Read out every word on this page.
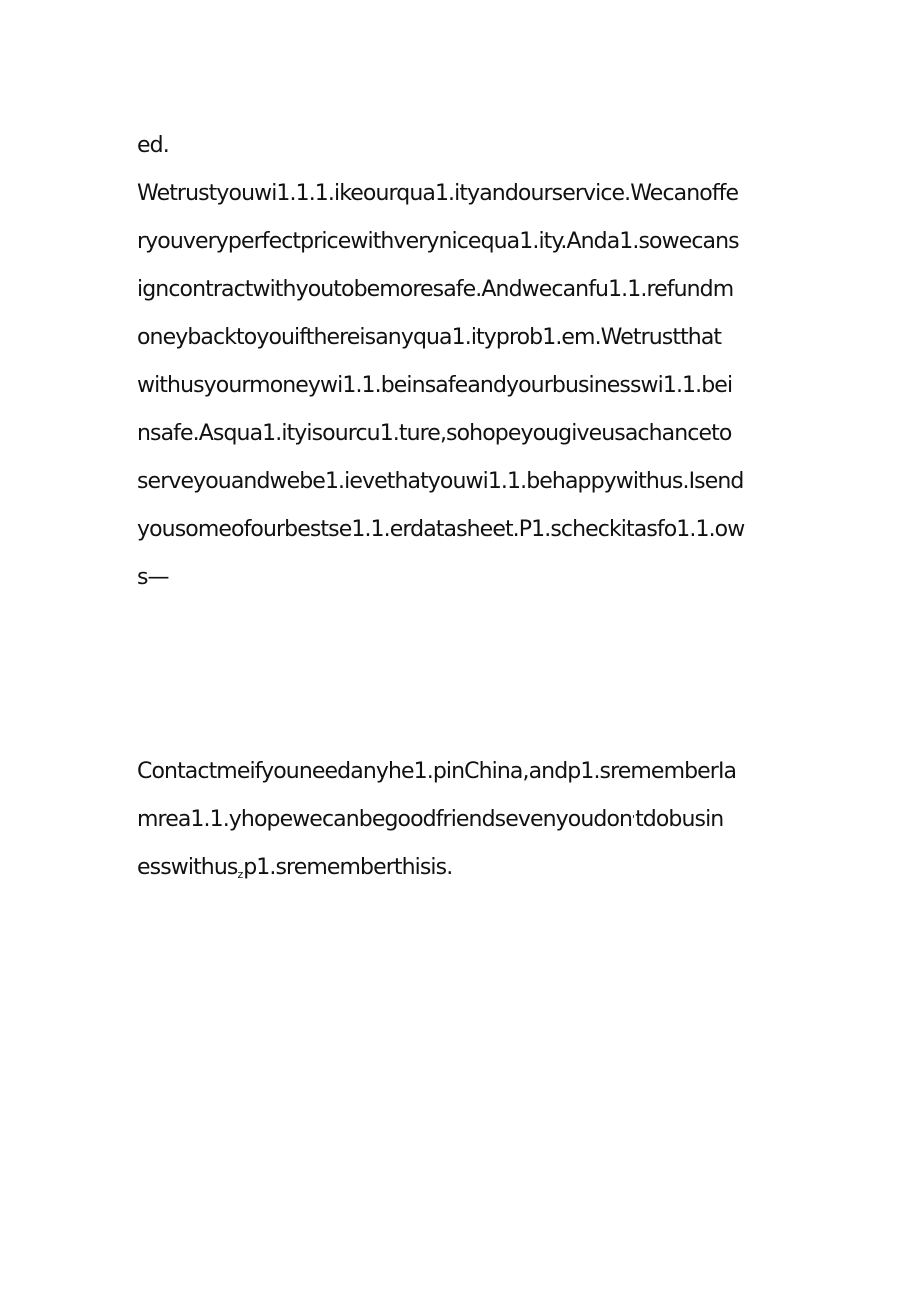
ed.
Wetrustyouwi1.1.1.ikeourqua1.ityandourservice.Wecanoffe
ryouveryperfectpricewithverynicequa1.ity.Anda1.sowecans
igncontractwithyoutobemoresafe.Andwecanfu1.1.refundm
oneybacktoyouifthereisanyqua1.ityprob1.em.Wetrustthat
withusyourmoneywi1.1.beinsafeandyourbusinesswi1.1.bei
nsafe.Asqua1.ityisourcu1.ture,sohopeyougiveusachanceto
serveyouandwebe1.ievethatyouwi1.1.behappywithus.Isend
yousomeofourbestse1.1.erdatasheet.P1.scheckitasfo1.1.ow
s—
Contactmeifyouneedanyhe1.pinChina,andp1.srememberIa
mrea1.1.yhopewecanbegoodfriendsevenyoudon'tdobusin
esswithus$_z$p1.srememberthisis.
